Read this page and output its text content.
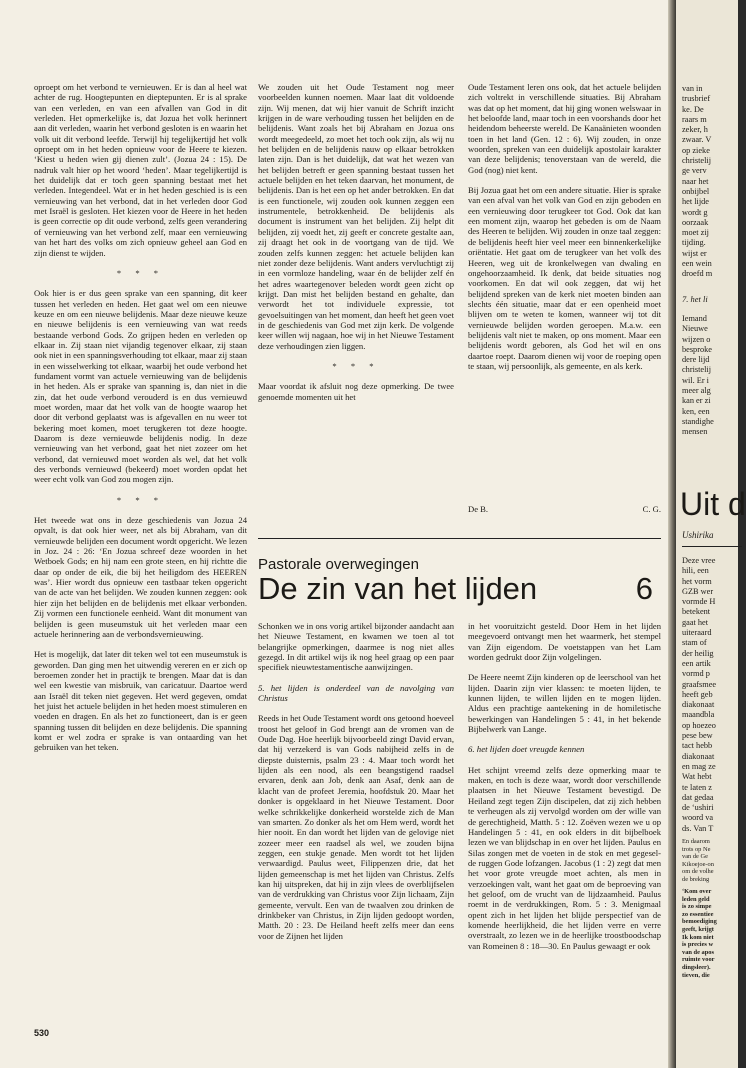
oproept om het verbond te vernieuwen. Er is dan al heel wat achter de rug. Hoogtepunten en dieptepunten. Er is al sprake van een verleden, en van een afvallen van God in dit verleden. Het opmerkelijke is, dat Jozua het volk herinnert aan dit verleden, waarin het verbond gesloten is en waarin het volk uit dit verbond leefde. Terwijl hij tegelijkertijd het volk oproept om in het heden opnieuw voor de Heere te kiezen. ‘Kiest u heden wien gij dienen zult’. (Jozua 24 : 15). De nadruk valt hier op het woord ‘heden’. Maar tegelijkertijd is het duidelijk dat er toch geen spanning bestaat met het verleden. Integendeel. Wat er in het heden geschied is is een vernieuwing van het verbond, dat in het verleden door God met Israël is gesloten. Het kiezen voor de Heere in het heden is geen correctie op dit oude verbond, zelfs geen verandering of vernieuwing van het verbond zelf, maar een vernieuwing van het hart des volks om zich opnieuw geheel aan God en zijn dienst te wijden.

* * *

Ook hier is er dus geen sprake van een spanning, dit keer tussen het verleden en heden. Het gaat wel om een nieuwe keuze en om een nieuwe belijdenis. Maar deze nieuwe keuze en nieuwe belijdenis is een vernieuwing van wat reeds bestaande verbond Gods. Zo grijpen heden en verleden op elkaar in. Zij staan niet vijandig tegenover elkaar, zij staan ook niet in een spanningsverhouding tot elkaar, maar zij staan in een wisselwerking tot elkaar, waarbij het oude verbond het fundament vormt van actuele vernieuwing van de belijdenis in het heden. Als er sprake van spanning is, dan niet in die zin, dat het oude verbond verouderd is en dus vernieuwd moet worden, maar dat het volk van de hoogte waarop het door dit verbond geplaatst was is afgevallen en nu weer tot bekering moet komen, moet terugkeren tot deze hoogte. Daarom is deze vernieuwde belijdenis nodig. In deze vernieuwing van het verbond, gaat het niet zozeer om het verbond, dat vernieuwd moet worden als wel, dat het volk des verbonds vernieuwd (bekeerd) moet worden opdat het weer echt volk van God zou mogen zijn.

* * *

Het tweede wat ons in deze geschiedenis van Jozua 24 opvalt, is dat ook hier weer, net als bij Abraham, van dit vernieuwde belijden een document wordt opgericht. We lezen in Joz. 24 : 26: ‘En Jozua schreef deze woorden in het Wetboek Gods; en hij nam een grote steen, en hij richtte die daar op onder de eik, die bij het heiligdom des HEEREN was’. Hier wordt dus opnieuw een tastbaar teken opgericht van de acte van het belijden. We zouden kunnen zeggen: ook hier zijn het belijden en de belijdenis met elkaar verbonden. Zij vormen een functionele eenheid. Want dit monument van belijden is geen museumstuk uit het verleden maar een actuele herinnering aan de verbondsvernieuwing.

Het is mogelijk, dat later dit teken wel tot een museumstuk is geworden. Dan ging men het uitwendig vereren en er zich op beroemen zonder het in practijk te brengen. Maar dat is dan wel een kwestie van misbruik, van caricatuur. Daartoe werd aan Israël dit teken niet gegeven. Het werd gegeven, omdat het juist het actuele belijden in het heden moest stimuleren en voeden en dragen. En als het zo functioneert, dan is er geen spanning tussen dit belijden en deze belijdenis. Die spanning komt er wel zodra er sprake is van ontaarding van het gebruiken van het teken.

We zouden uit het Oude Testament nog meer voorbeelden kunnen noemen. Maar laat dit voldoende zijn. Wij menen, dat wij hier vanuit de Schrift inzicht krijgen in de ware verhouding tussen het belijden en de belijdenis. Want zoals het bij Abraham en Jozua ons wordt meegedeeld, zo moet het toch ook zijn, als wij nu het belijden en de belijdenis nauw op elkaar betrokken laten zijn. Dan is het duidelijk, dat wat het wezen van het belijden betreft er geen spanning bestaat tussen het actuele belijden en het teken daarvan, het monument, de belijdenis. Dan is het een op het ander betrokken. En dat is een functionele, wij zouden ook kunnen zeggen een instrumentele, betrokkenheid. De belijdenis als document is instrument van het belijden. Zij helpt dit belijden, zij voedt het, zij geeft er concrete gestalte aan, zij draagt het ook in de voortgang van de tijd. We zouden zelfs kunnen zeggen: het actuele belijden kan niet zonder deze belijdenis. Want anders vervluchtigt zij in een vormloze handeling, waar én de belijder zelf én het adres waartegenover beleden wordt geen zicht op krijgt. Dan mist het belijden bestand en gehalte, dan verwordt het tot individuele expressie, tot gevoelsuitingen van het moment, dan heeft het geen voet in de geschiedenis van God met zijn kerk. De volgende keer willen wij nagaan, hoe wij in het Nieuwe Testament deze verhoudingen zien liggen.

* * *

Maar voordat ik afsluit nog deze opmerking. De twee genoemde momenten uit het

Oude Testament leren ons ook, dat het actuele belijden zich voltrekt in verschillende situaties. Bij Abraham was dat op het moment, dat hij ging wonen welswaar in het beloofde land, maar toch in een voorshands door het heidendom beheerste wereld. De Kanaänieten woonden toen in het land (Gen. 12 : 6). Wij zouden, in onze woorden, spreken van een duidelijk apostolair karakter van deze belijdenis; tenoverstaan van de wereld, die God (nog) niet kent.

Bij Jozua gaat het om een andere situatie. Hier is sprake van een afval van het volk van God en zijn geboden en een vernieuwing door terugkeer tot God. Ook dat kan een moment zijn, waarop het gebeden is om de Naam des Heeren te belijden. Wij zouden in onze taal zeggen: de belijdenis heeft hier veel meer een binnenkerkelijke oriëntatie. Het gaat om de terugkeer van het volk des Heeren, weg uit de kronkelwegen van dwaling en ongehoorzaamheid. Ik denk, dat beide situaties nog voorkomen. En dat wil ook zeggen, dat wij het belijdend spreken van de kerk niet moeten binden aan slechts één situatie, maar dat er een openheid moet blijven om te weten te komen, wanneer wij tot dit vernieuwde belijden worden geroepen. M.a.w. een belijdenis valt niet te maken, op ons moment. Maar een belijdenis wordt geboren, als God het wil en ons daartoe roept. Daarom dienen wij voor de roeping open te staan, wij persoonlijk, als gemeente, en als kerk.

De B.	C. G.
Pastorale overwegingen
De zin van het lijden	6

Schonken we in ons vorig artikel bijzonder aandacht aan het Nieuwe Testament, en kwamen we toen al tot belangrijke opmerkingen, daarmee is nog niet alles gezegd. In dit artikel wijs ik nog heel graag op een paar specifiek nieuwtestamentische aanwijzingen.

5. het lijden is onderdeel van de navolging van Christus

Reeds in het Oude Testament wordt ons getoond hoeveel troost het geloof in God brengt aan de vromen van de Oude Dag. Hoe heerlijk bijvoorbeeld zingt David ervan, dat hij verzekerd is van Gods nabijheid zelfs in de diepste duisternis, psalm 23 : 4. Maar toch wordt het lijden als een nood, als een beangstigend raadsel ervaren, denk aan Job, denk aan Asaf, denk aan de klacht van de profeet Jeremia, hoofdstuk 20. Maar het donker is opgeklaard in het Nieuwe Testament. Door welke schrikkelijke donkerheid worstelde zich de Man van smarten. Zo donker als het om Hem werd, wordt het hier nooit. En dan wordt het lijden van de gelovige niet zozeer meer een raadsel als wel, we zouden bijna zeggen, een stukje genade. Men wordt tot het lijden verwaardigd. Paulus weet, Filippenzen drie, dat het lijden gemeenschap is met het lijden van Christus. Zelfs kan hij uitspreken, dat hij in zijn vlees de overblijfselen van de verdrukking van Christus voor Zijn lichaam, Zijn gemeente, vervult. Een van de twaalven zou drinken de drinkbeker van Christus, in Zijn lijden gedoopt worden, Matth. 20 : 23. De Heiland heeft zelfs meer dan eens voor de Zijnen het lijden

in het vooruitzicht gesteld. Door Hem in het lijden meegevoerd ontvangt men het waarmerk, het stempel van Zijn eigendom. De voetstappen van het Lam worden gedrukt door Zijn volgelingen.

De Heere neemt Zijn kinderen op de leerschool van het lijden. Daarin zijn vier klassen: te moeten lijden, te kunnen lijden, te willen lijden en te mogen lijden. Aldus een prachtige aantekening in de homiletische bewerkingen van Handelingen 5 : 41, in het bekende Bijbelwerk van Lange.

6. het lijden doet vreugde kennen

Het schijnt vreemd zelfs deze opmerking maar te maken, en toch is deze waar, wordt door verschillende plaatsen in het Nieuwe Testament bevestigd. De Heiland zegt tegen Zijn discipelen, dat zij zich hebben te verheugen als zij vervolgd worden om der wille van de gerechtigheid, Matth. 5 : 12. Zoëven wezen we u op Handelingen 5 : 41, en ook elders in dit bijbelboek lezen we van blijdschap in en over het lijden. Paulus en Silas zongen met de voeten in de stok en met gegesel-de ruggen Gode lofzangen. Jacobus (1 : 2) zegt dat men het voor grote vreugde moet achten, als men in verzoekingen valt, want het gaat om de beproeving van het geloof, om de vrucht van de lijdzaamheid. Paulus roemt in de verdrukkingen, Rom. 5 : 3. Menigmaal opent zich in het lijden het blijde perspectief van de komende heerlijkheid, die het lijden verre en verre overstraalt, zo lezen we in de heerlijke troostboodschap van Romeinen 8 : 18—30. En Paulus gewaagt er ook

530
van in
trusbrief
ke. De
raars m
zeker, h
zwaar. V
op zieke
christelij
ge verv
naar het
onbijbel
het lijde
wordt g
oorzaak
moet zij
tijding.
wijst er
een wein
droefd m
7. het li
Iemand
Nieuwe
wijzen o
besproke
dere lijd
christelij
wil. Er i
meer alg
kan er zi
ken, een
standighe
mensen
Uit d
Ushirika
Deze vree
hili, een
het vorm
GZB wer
vormde H
betekent
gaat het
uiteraard
stam of
der heilig
een artik
vormd p
graafsmee
heeft geb
diakonaat
maandbla
op hoezeo
pese bew
tact hebb
diakonaat
en mag ze
Wat hebt
te laten z
dat gedaa
de ‘ushiri
woord va
ds. Van T
En daarom
trots op Ne
van de Ge
Kikoejoe-on
om de volhe
de breking
‘Kom over
leden geld
is zo simpe
zo essentiee
bemoediging
geeft, krijgt
Ik kom niet
is precies w
van de apos
ruimte voor
dingsleer).
tieven, die
